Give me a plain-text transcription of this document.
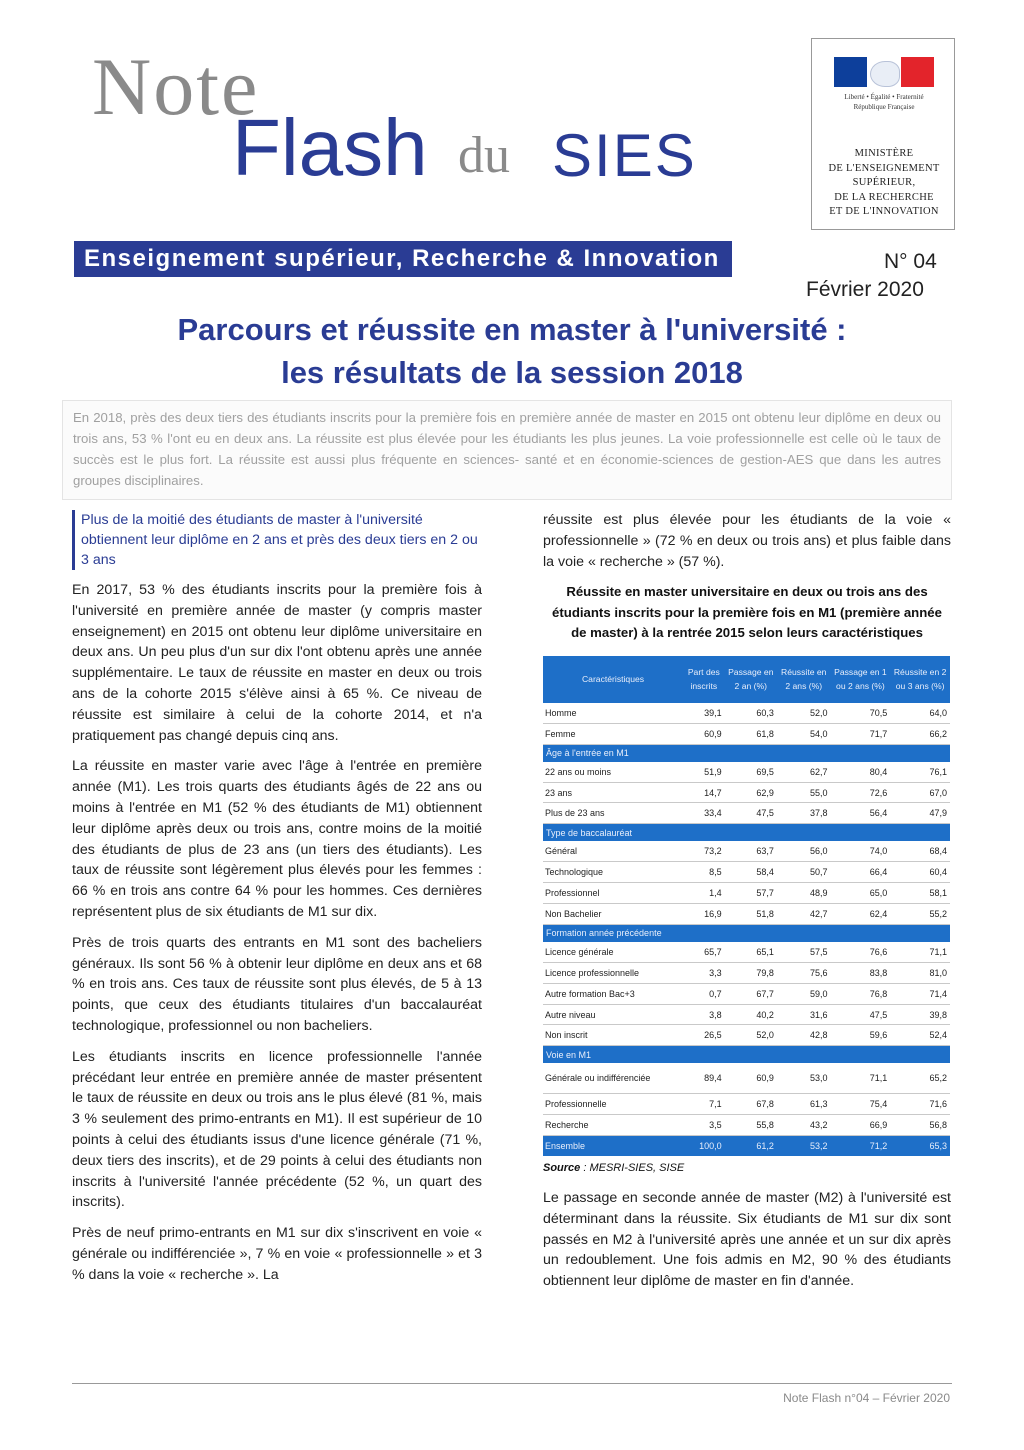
Note
Flash du SIES
Liberté • Égalité • Fraternité
République Française
MINISTÈRE
DE L'ENSEIGNEMENT
SUPÉRIEUR,
DE LA RECHERCHE
ET DE L'INNOVATION
Enseignement supérieur, Recherche & Innovation	N° 04
Février 2020
Parcours et réussite en master à l'université :
les résultats de la session 2018
En 2018, près des deux tiers des étudiants inscrits pour la première fois en première année de master en 2015 ont obtenu leur diplôme en deux ou trois ans, 53 % l'ont eu en deux ans. La réussite est plus élevée pour les étudiants les plus jeunes. La voie professionnelle est celle où le taux de succès est le plus fort. La réussite est aussi plus fréquente en sciences- santé et en économie-sciences de gestion-AES que dans les autres groupes disciplinaires.
Plus de la moitié des étudiants de master à l'université obtiennent leur diplôme en 2 ans et près des deux tiers en 2 ou 3 ans

En 2017, 53 % des étudiants inscrits pour la première fois à l'université en première année de master (y compris master enseignement) en 2015 ont obtenu leur diplôme universitaire en deux ans. Un peu plus d'un sur dix l'ont obtenu après une année supplémentaire. Le taux de réussite en master en deux ou trois ans de la cohorte 2015 s'élève ainsi à 65 %. Ce niveau de réussite est similaire à celui de la cohorte 2014, et n'a pratiquement pas changé depuis cinq ans.

La réussite en master varie avec l'âge à l'entrée en première année (M1). Les trois quarts des étudiants âgés de 22 ans ou moins à l'entrée en M1 (52 % des étudiants de M1) obtiennent leur diplôme après deux ou trois ans, contre moins de la moitié des étudiants de plus de 23 ans (un tiers des étudiants). Les taux de réussite sont légèrement plus élevés pour les femmes : 66 % en trois ans contre 64 % pour les hommes. Ces dernières représentent plus de six étudiants de M1 sur dix.

Près de trois quarts des entrants en M1 sont des bacheliers généraux. Ils sont 56 % à obtenir leur diplôme en deux ans et 68 % en trois ans. Ces taux de réussite sont plus élevés, de 5 à 13 points, que ceux des étudiants titulaires d'un baccalauréat technologique, professionnel ou non bacheliers.

Les étudiants inscrits en licence professionnelle l'année précédant leur entrée en première année de master présentent le taux de réussite en deux ou trois ans le plus élevé (81 %, mais 3 % seulement des primo-entrants en M1). Il est supérieur de 10 points à celui des étudiants issus d'une licence générale (71 %, deux tiers des inscrits), et de 29 points à celui des étudiants non inscrits à l'université l'année précédente (52 %, un quart des inscrits).

Près de neuf primo-entrants en M1 sur dix s'inscrivent en voie « générale ou indifférenciée », 7 % en voie « professionnelle » et 3 % dans la voie « recherche ». La

réussite est plus élevée pour les étudiants de la voie « professionnelle » (72 % en deux ou trois ans) et plus faible dans la voie « recherche » (57 %).

Réussite en master universitaire en deux ou trois ans des étudiants inscrits pour la première fois en M1 (première année de master) à la rentrée 2015 selon leurs caractéristiques
Caractéristiques	Part des inscrits	Passage en 2 an (%)	Réussite en 2 ans (%)	Passage en 1 ou 2 ans (%)	Réussite en 2 ou 3 ans (%)
Homme	39,1	60,3	52,0	70,5	64,0
Femme	60,9	61,8	54,0	71,7	66,2
Âge à l'entrée en M1					
22 ans ou moins	51,9	69,5	62,7	80,4	76,1
23 ans	14,7	62,9	55,0	72,6	67,0
Plus de 23 ans	33,4	47,5	37,8	56,4	47,9
Type de baccalauréat					
Général	73,2	63,7	56,0	74,0	68,4
Technologique	8,5	58,4	50,7	66,4	60,4
Professionnel	1,4	57,7	48,9	65,0	58,1
Non Bachelier	16,9	51,8	42,7	62,4	55,2
Formation année précédente					
Licence générale	65,7	65,1	57,5	76,6	71,1
Licence professionnelle	3,3	79,8	75,6	83,8	81,0
Autre formation Bac+3	0,7	67,7	59,0	76,8	71,4
Autre niveau	3,8	40,2	31,6	47,5	39,8
Non inscrit	26,5	52,0	42,8	59,6	52,4
Voie en M1					
Générale ou indifférenciée	89,4	60,9	53,0	71,1	65,2
Professionnelle	7,1	67,8	61,3	75,4	71,6
Recherche	3,5	55,8	43,2	66,9	56,8
Ensemble	100,0	61,2	53,2	71,2	65,3
Source : MESRI-SIES, SISE

Le passage en seconde année de master (M2) à l'université est déterminant dans la réussite. Six étudiants de M1 sur dix sont passés en M2 à l'université après une année et un sur dix après un redoublement. Une fois admis en M2, 90 % des étudiants obtiennent leur diplôme de master en fin d'année.

Note Flash n°04 – Février 2020
